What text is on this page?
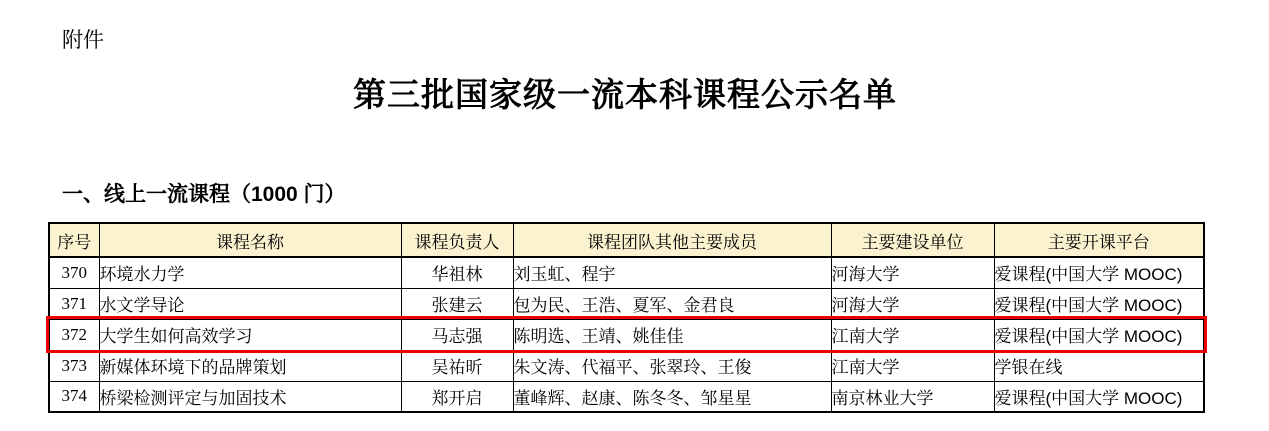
附件
第三批国家级一流本科课程公示名单
一、线上一流课程（1000 门）
序号	课程名称	课程负责人	课程团队其他主要成员	主要建设单位	主要开课平台
370	环境水力学	华祖林	刘玉虹、程宇	河海大学	爱课程(中国大学 MOOC)
371	水文学导论	张建云	包为民、王浩、夏军、金君良	河海大学	爱课程(中国大学 MOOC)
372	大学生如何高效学习	马志强	陈明选、王靖、姚佳佳	江南大学	爱课程(中国大学 MOOC)
373	新媒体环境下的品牌策划	吴祐昕	朱文涛、代福平、张翠玲、王俊	江南大学	学银在线
374	桥梁检测评定与加固技术	郑开启	董峰辉、赵康、陈冬冬、邹星星	南京林业大学	爱课程(中国大学 MOOC)
